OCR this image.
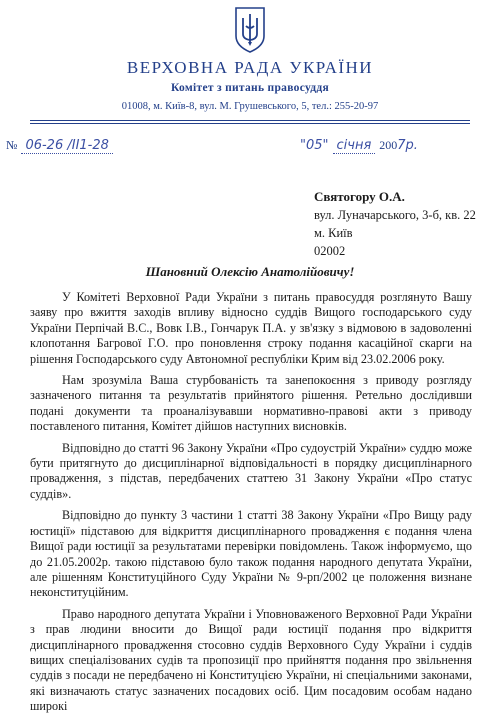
ВЕРХОВНА РАДА УКРАЇНИ
Комітет з питань правосуддя
01008, м. Київ-8, вул. М. Грушевського, 5, тел.: 255-20-97
№ 06-26 /ІІ1-28	"05" січня 2007р.
Святогору О.А.
вул. Луначарського, 3-б, кв. 22
м. Київ
02002
Шановний Олексію Анатолійовичу!

У Комітеті Верховної Ради України з питань правосуддя розглянуто Вашу заяву про вжиття заходів впливу відносно суддів Вищого господарського суду України Перпічай В.С., Вовк І.В., Гончарук П.А. у зв'язку з відмовою в задоволенні клопотання Багрової Г.О. про поновлення строку подання касаційної скарги на рішення Господарського суду Автономної республіки Крим від 23.02.2006 року.

Нам зрозуміла Ваша стурбованість та занепокоєння з приводу розгляду зазначеного питання та результатів прийнятого рішення. Ретельно дослідивши подані документи та проаналізувавши нормативно-правові акти з приводу поставленого питання, Комітет дійшов наступних висновків.

Відповідно до статті 96 Закону України «Про судоустрій України» суддю може бути притягнуто до дисциплінарної відповідальності в порядку дисциплінарного провадження, з підстав, передбачених статтею 31 Закону України «Про статус суддів».

Відповідно до пункту 3 частини 1 статті 38 Закону України «Про Вищу раду юстиції» підставою для відкриття дисциплінарного провадження є подання члена Вищої ради юстиції за результатами перевірки повідомлень. Також інформуємо, що до 21.05.2002р. такою підставою було також подання народного депутата України, але рішенням Конституційного Суду України № 9-рп/2002 це положення визнане неконституційним.

Право народного депутата України і Уповноваженого Верховної Ради України з прав людини вносити до Вищої ради юстиції подання про відкриття дисциплінарного провадження стосовно суддів Верховного Суду України і суддів вищих спеціалізованих судів та пропозиції про прийняття подання про звільнення суддів з посади не передбачено ні Конституцією України, ні спеціальними законами, які визначають статус зазначених посадових осіб. Цим посадовим особам надано широкі
